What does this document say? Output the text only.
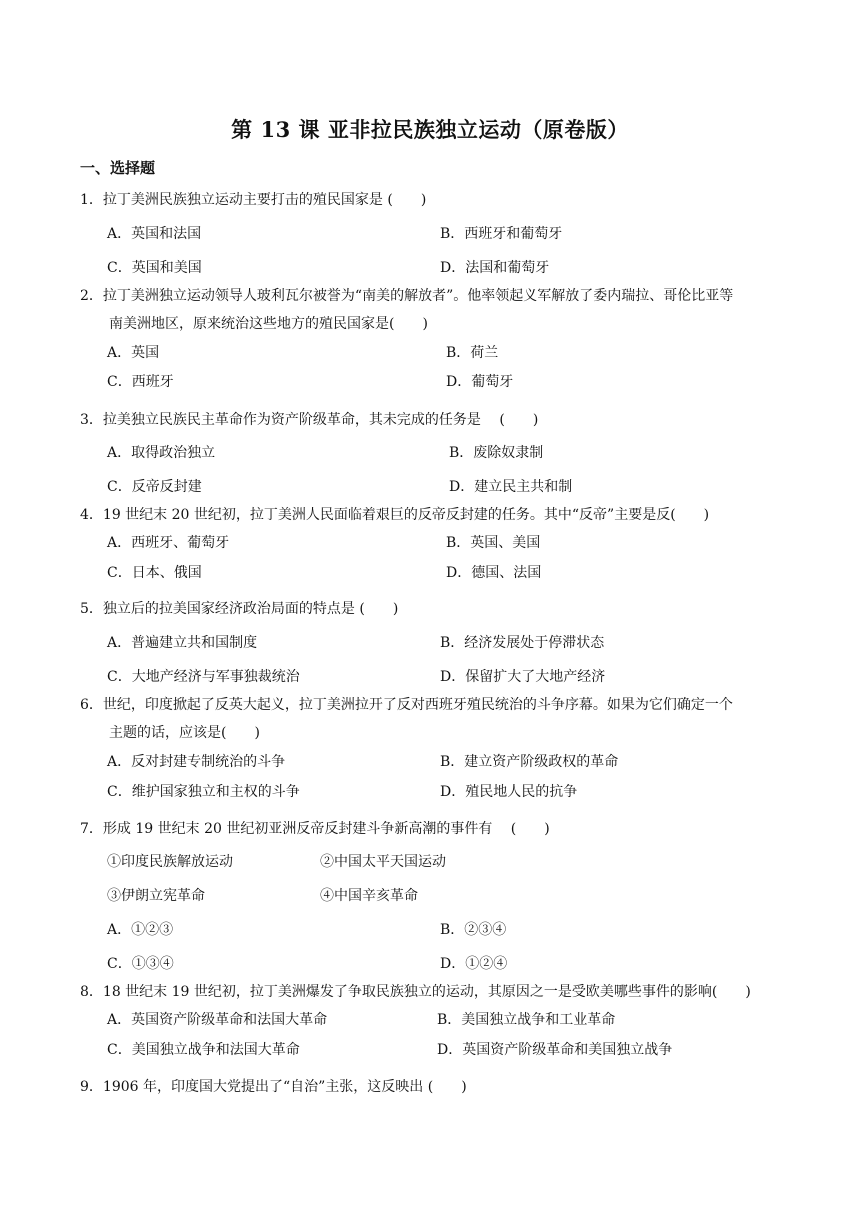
第 13 课 亚非拉民族独立运动（原卷版）
一、选择题
1．拉丁美洲民族独立运动主要打击的殖民国家是 (　　)
A．英国和法国	B．西班牙和葡萄牙
C．英国和美国	D．法国和葡萄牙
2．拉丁美洲独立运动领导人玻利瓦尔被誉为“南美的解放者”。他率领起义军解放了委内瑞拉、哥伦比亚等
南美洲地区，原来统治这些地方的殖民国家是(　　)
A．英国	B．荷兰
C．西班牙	D．葡萄牙
3．拉美独立民族民主革命作为资产阶级革命，其未完成的任务是　 (　　)
A．取得政治独立	B．废除奴隶制
C．反帝反封建	D．建立民主共和制
4．19 世纪末 20 世纪初，拉丁美洲人民面临着艰巨的反帝反封建的任务。其中“反帝”主要是反(　　)
A．西班牙、葡萄牙	B．英国、美国
C．日本、俄国	D．德国、法国
5．独立后的拉美国家经济政治局面的特点是 (　　)
A．普遍建立共和国制度	B．经济发展处于停滞状态
C．大地产经济与军事独裁统治	D．保留扩大了大地产经济
6．世纪，印度掀起了反英大起义，拉丁美洲拉开了反对西班牙殖民统治的斗争序幕。如果为它们确定一个
主题的话，应该是(　　)
A．反对封建专制统治的斗争	B．建立资产阶级政权的革命
C．维护国家独立和主权的斗争	D．殖民地人民的抗争
7．形成 19 世纪末 20 世纪初亚洲反帝反封建斗争新高潮的事件有　 (　　)
①印度民族解放运动	②中国太平天国运动
③伊朗立宪革命	④中国辛亥革命
A．①②③	B．②③④
C．①③④	D．①②④
8．18 世纪末 19 世纪初，拉丁美洲爆发了争取民族独立的运动，其原因之一是受欧美哪些事件的影响(　　)
A．英国资产阶级革命和法国大革命	B．美国独立战争和工业革命
C．美国独立战争和法国大革命	D．英国资产阶级革命和美国独立战争
9．1906 年，印度国大党提出了“自治”主张，这反映出 (　　)
